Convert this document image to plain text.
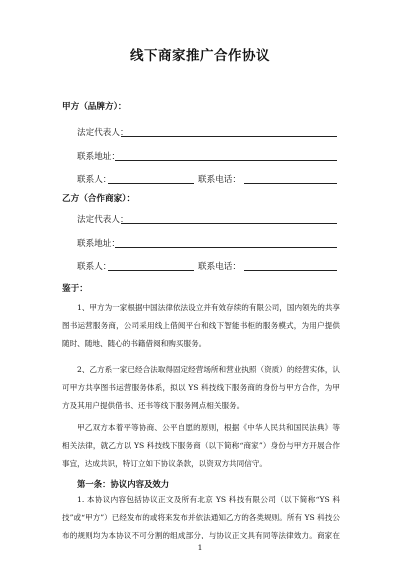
线下商家推广合作协议
甲方（品牌方）：
法定代表人：
联系地址：
联系人：	联系电话：
乙方（合作商家）：
法定代表人：
联系地址：
联系人：	联系电话：
鉴于：
1、甲方为一家根据中国法律依法设立并有效存续的有限公司，国内领先的共享图书运营服务商，公司采用线上借阅平台和线下智能书柜的服务模式，为用户提供随时、随地、随心的书籍借阅和购买服务。
2、乙方系一家已经合法取得固定经营场所和营业执照（资质）的经营实体，认可甲方共享图书运营服务体系，拟以 YS 科技线下服务商的身份与甲方合作，为甲方及其用户提供借书、还书等线下服务网点相关服务。
甲乙双方本着平等协商、公平自愿的原则，根据《中华人民共和国民法典》等相关法律，就乙方以 YS 科技线下服务商（以下简称“商家”）身份与甲方开展合作事宜，达成共识，特订立如下协议条款，以资双方共同信守。
第一条：协议内容及效力
1. 本协议内容包括协议正文及所有北京 YS 科技有限公司（以下简称“YS 科技”或“甲方”）已经发布的或将来发布并依法通知乙方的各类规则。所有 YS 科技公布的规则均为本协议不可分割的组成部分，与协议正文具有同等法律效力。商家在
1
